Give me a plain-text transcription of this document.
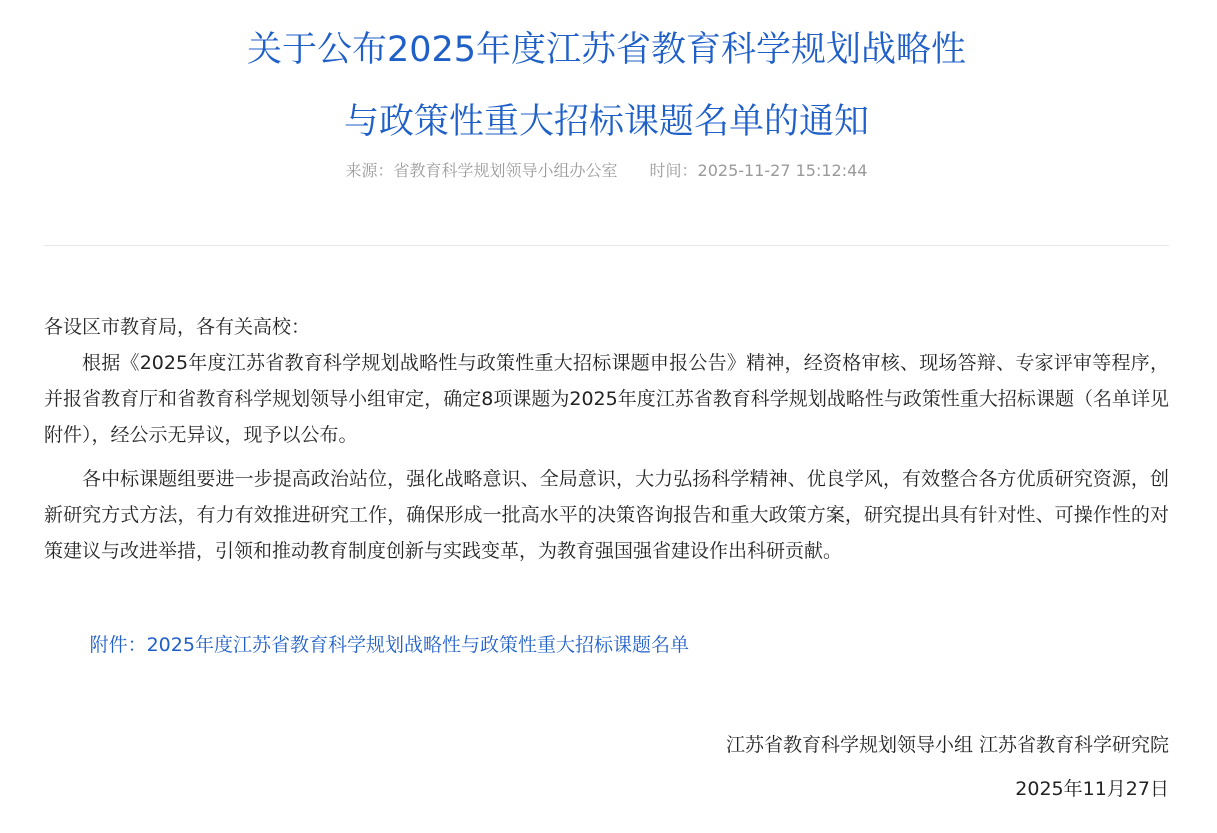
关于公布2025年度江苏省教育科学规划战略性
与政策性重大招标课题名单的通知
来源：省教育科学规划领导小组办公室 时间：2025-11-27 15:12:44

各设区市教育局，各有关高校：

根据《2025年度江苏省教育科学规划战略性与政策性重大招标课题申报公告》精神，经资格审核、现场答辩、专家评审等程序，并报省教育厅和省教育科学规划领导小组审定，确定8项课题为2025年度江苏省教育科学规划战略性与政策性重大招标课题（名单详见附件），经公示无异议，现予以公布。

各中标课题组要进一步提高政治站位，强化战略意识、全局意识，大力弘扬科学精神、优良学风，有效整合各方优质研究资源，创新研究方式方法，有力有效推进研究工作，确保形成一批高水平的决策咨询报告和重大政策方案，研究提出具有针对性、可操作性的对策建议与改进举措，引领和推动教育制度创新与实践变革，为教育强国强省建设作出科研贡献。

附件：2025年度江苏省教育科学规划战略性与政策性重大招标课题名单
江苏省教育科学规划领导小组 江苏省教育科学研究院
2025年11月27日
